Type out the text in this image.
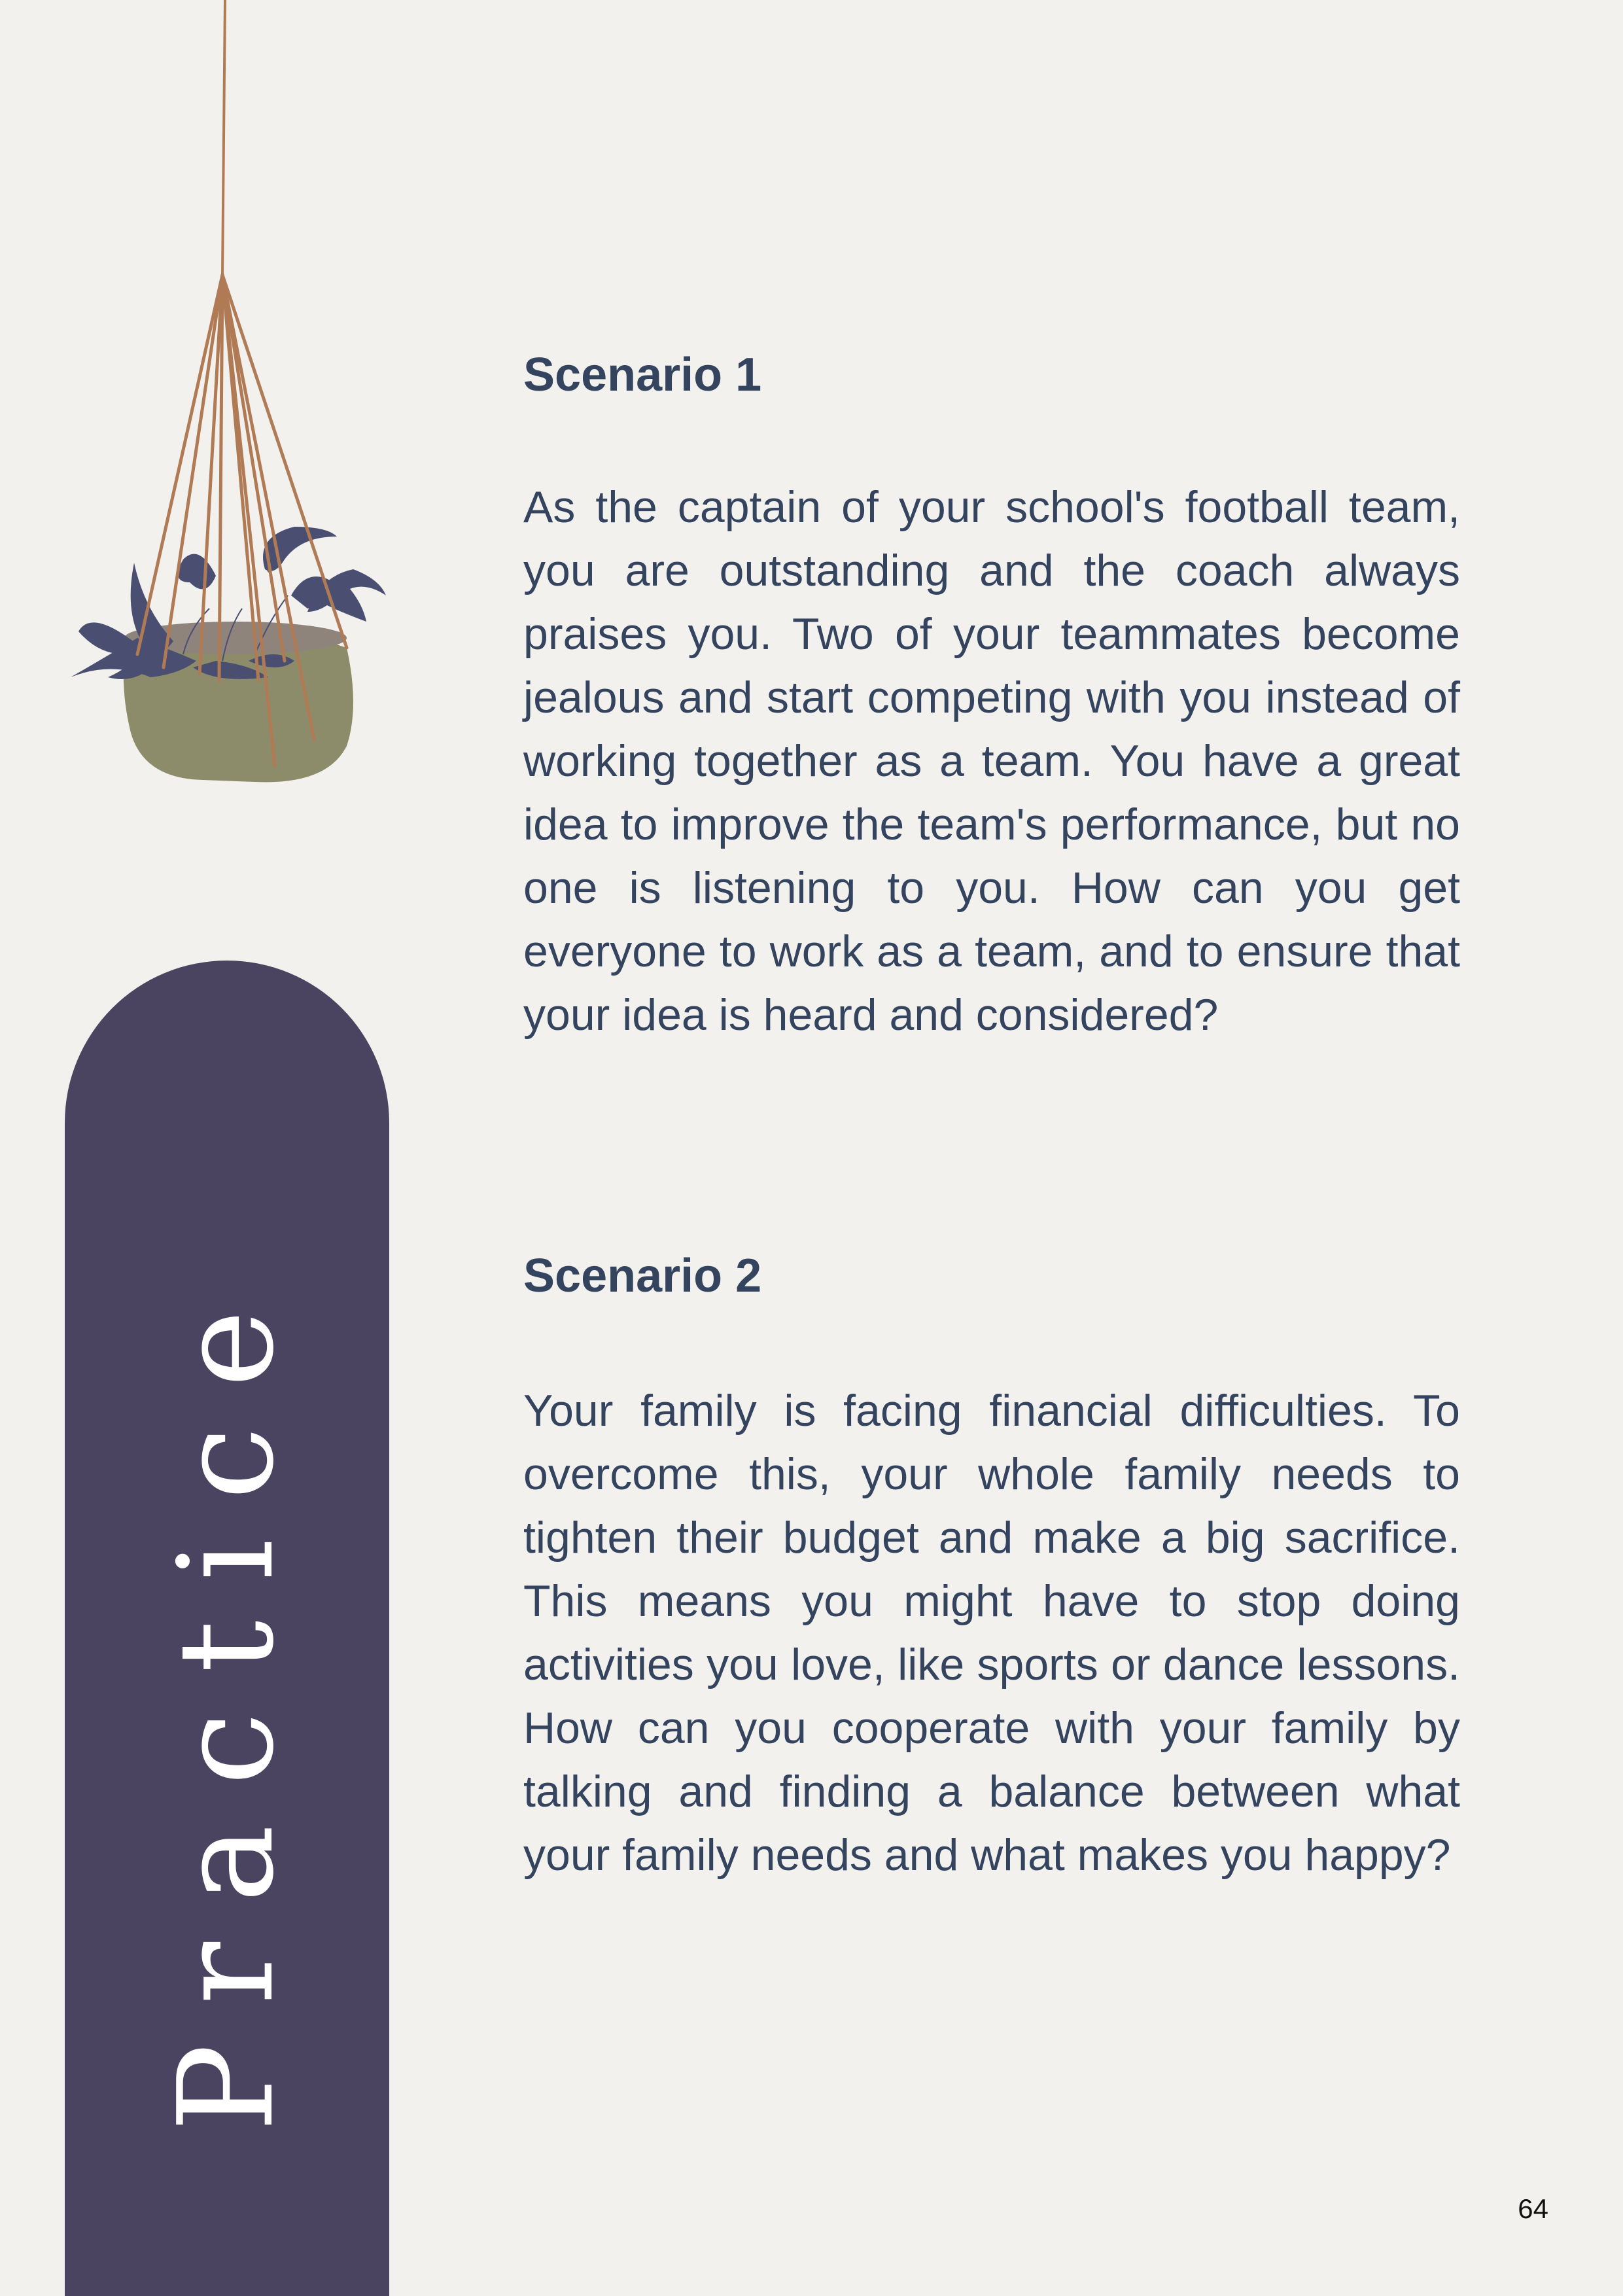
Practice
Scenario 1

As the captain of your school's football team, you are outstanding and the coach always praises you. Two of your teammates become jealous and start competing with you instead of working together as a team. You have a great idea to improve the team's performance, but no one is listening to you. How can you get everyone to work as a team, and to ensure that your idea is heard and considered?

Scenario 2

Your family is facing financial difficulties. To overcome this, your whole family needs to tighten their budget and make a big sacrifice. This means you might have to stop doing activities you love, like sports or dance lessons. How can you cooperate with your family by talking and finding a balance between what your family needs and what makes you happy?

64
